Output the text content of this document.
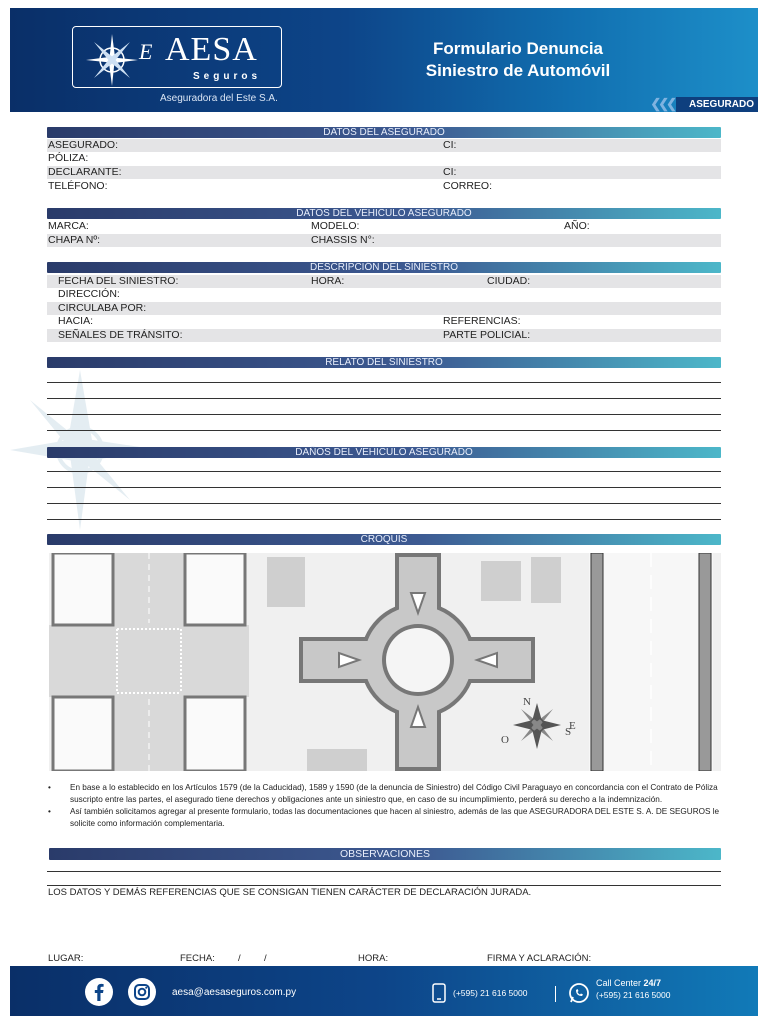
E AESA
Seguros
Aseguradora del Este S.A.
Formulario Denuncia
Siniestro de Automóvil
❮❮❮	ASEGURADO
DATOS DEL ASEGURADO
ASEGURADO:	CI:
PÓLIZA:
DECLARANTE:	CI:
TELÉFONO:	CORREO:
DATOS DEL VEHICULO ASEGURADO
MARCA:	MODELO:	AÑO:
CHAPA Nº:	CHASSIS N°:
DESCRIPCIÓN DEL SINIESTRO
FECHA DEL SINIESTRO:	HORA:	CIUDAD:
DIRECCIÓN:
CIRCULABA POR:
HACIA:	REFERENCIAS:
SEÑALES DE TRÁNSITO:	PARTE POLICIAL:
RELATO DEL SINIESTRO
DAÑOS DEL VEHICULO ASEGURADO
CROQUIS
N
E
S
O
• En base a lo establecido en los Artículos 1579 (de la Caducidad), 1589 y 1590 (de la denuncia de Siniestro) del Código Civil Paraguayo en concordancia con el Contrato de Póliza suscripto entre las partes, el asegurado tiene derechos y obligaciones ante un siniestro que, en caso de su incumplimiento, perderá su derecho a la indemnización.
• Así también solicitamos agregar al presente formulario, todas las documentaciones que hacen al siniestro, además de las que ASEGURADORA DEL ESTE S. A. DE SEGUROS le solicite como información complementaria.
OBSERVACIONES
LOS DATOS Y DEMÁS REFERENCIAS QUE SE CONSIGAN TIENEN CARÁCTER DE DECLARACIÓN JURADA.
LUGAR:	FECHA: / /	HORA:	FIRMA Y ACLARACIÓN:
aesa@aesaseguros.com.py	(+595) 21 616 5000
Call Center 24/7
(+595) 21 616 5000
